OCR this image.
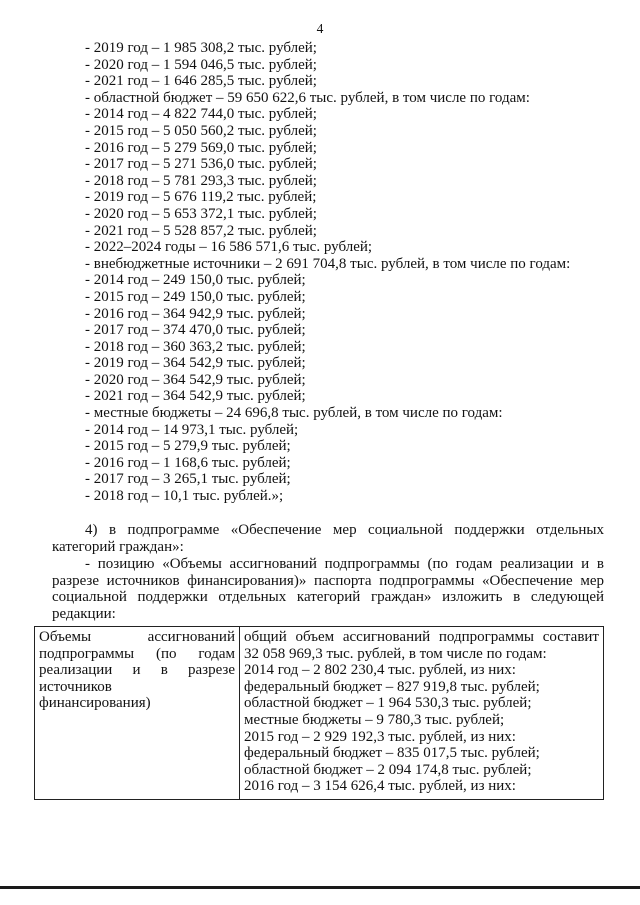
4
- 2019 год – 1 985 308,2 тыс. рублей;
- 2020 год – 1 594 046,5 тыс. рублей;
- 2021 год – 1 646 285,5 тыс. рублей;
- областной бюджет – 59 650 622,6 тыс. рублей, в том числе по годам:
- 2014 год – 4 822 744,0 тыс. рублей;
- 2015 год – 5 050 560,2 тыс. рублей;
- 2016 год – 5 279 569,0 тыс. рублей;
- 2017 год – 5 271 536,0 тыс. рублей;
- 2018 год – 5 781 293,3 тыс. рублей;
- 2019 год – 5 676 119,2 тыс. рублей;
- 2020 год – 5 653 372,1 тыс. рублей;
- 2021 год – 5 528 857,2 тыс. рублей;
- 2022–2024 годы – 16 586 571,6 тыс. рублей;
- внебюджетные источники – 2 691 704,8 тыс. рублей, в том числе по годам:
- 2014 год – 249 150,0 тыс. рублей;
- 2015 год – 249 150,0 тыс. рублей;
- 2016 год – 364 942,9 тыс. рублей;
- 2017 год – 374 470,0 тыс. рублей;
- 2018 год – 360 363,2 тыс. рублей;
- 2019 год – 364 542,9 тыс. рублей;
- 2020 год – 364 542,9 тыс. рублей;
- 2021 год – 364 542,9 тыс. рублей;
- местные бюджеты – 24 696,8 тыс. рублей, в том числе по годам:
- 2014 год – 14 973,1 тыс. рублей;
- 2015 год – 5 279,9 тыс. рублей;
- 2016 год – 1 168,6 тыс. рублей;
- 2017 год – 3 265,1 тыс. рублей;
- 2018 год – 10,1 тыс. рублей.»;
4) в подпрограмме «Обеспечение мер социальной поддержки отдельных
категорий граждан»:
- позицию «Объемы ассигнований подпрограммы (по годам реализации и в
разрезе источников финансирования)» паспорта подпрограммы «Обеспечение мер
социальной поддержки отдельных категорий граждан» изложить в следующей
редакции:
Объемы ассигнований
подпрограммы (по годам
реализации и в разрезе
источников
финансирования)

общий объем ассигнований подпрограммы составит
32 058 969,3 тыс. рублей, в том числе по годам:
2014 год – 2 802 230,4 тыс. рублей, из них:
федеральный бюджет – 827 919,8 тыс. рублей;
областной бюджет – 1 964 530,3 тыс. рублей;
местные бюджеты – 9 780,3 тыс. рублей;
2015 год – 2 929 192,3 тыс. рублей, из них:
федеральный бюджет – 835 017,5 тыс. рублей;
областной бюджет – 2 094 174,8 тыс. рублей;
2016 год – 3 154 626,4 тыс. рублей, из них:
